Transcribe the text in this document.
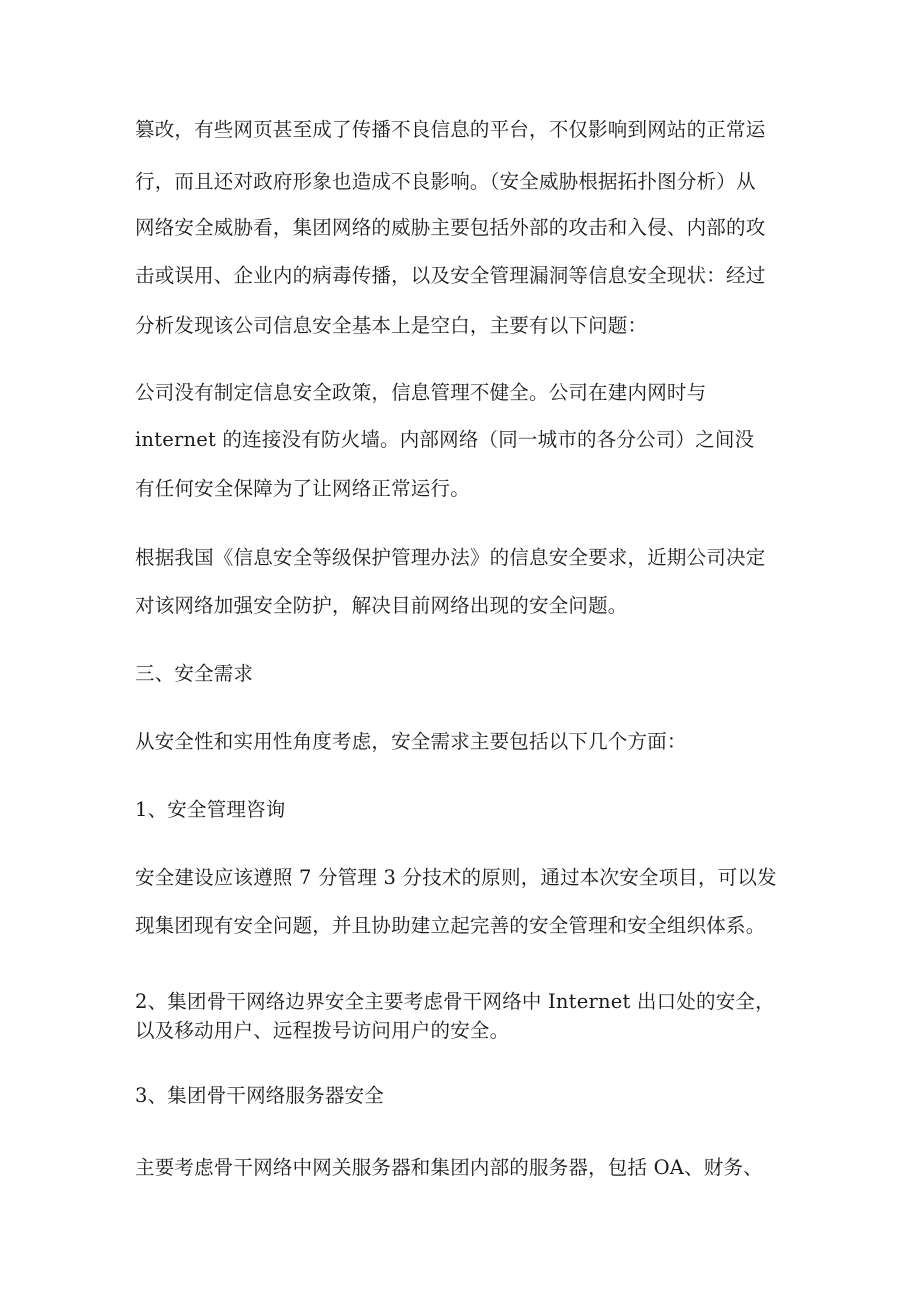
篡改，有些网页甚至成了传播不良信息的平台，不仅影响到网站的正常运

行，而且还对政府形象也造成不良影响。（安全威胁根据拓扑图分析）从

网络安全威胁看，集团网络的威胁主要包括外部的攻击和入侵、内部的攻

击或误用、企业内的病毒传播，以及安全管理漏洞等信息安全现状：经过

分析发现该公司信息安全基本上是空白，主要有以下问题：

公司没有制定信息安全政策，信息管理不健全。公司在建内网时与

internet 的连接没有防火墙。内部网络（同一城市的各分公司）之间没

有任何安全保障为了让网络正常运行。

根据我国《信息安全等级保护管理办法》的信息安全要求，近期公司决定

对该网络加强安全防护，解决目前网络出现的安全问题。

三、安全需求

从安全性和实用性角度考虑，安全需求主要包括以下几个方面：

1、安全管理咨询

安全建设应该遵照 7 分管理 3 分技术的原则，通过本次安全项目，可以发

现集团现有安全问题，并且协助建立起完善的安全管理和安全组织体系。

2、集团骨干网络边界安全主要考虑骨干网络中 Internet 出口处的安全，

以及移动用户、远程拨号访问用户的安全。

3、集团骨干网络服务器安全

主要考虑骨干网络中网关服务器和集团内部的服务器，包括 OA、财务、
